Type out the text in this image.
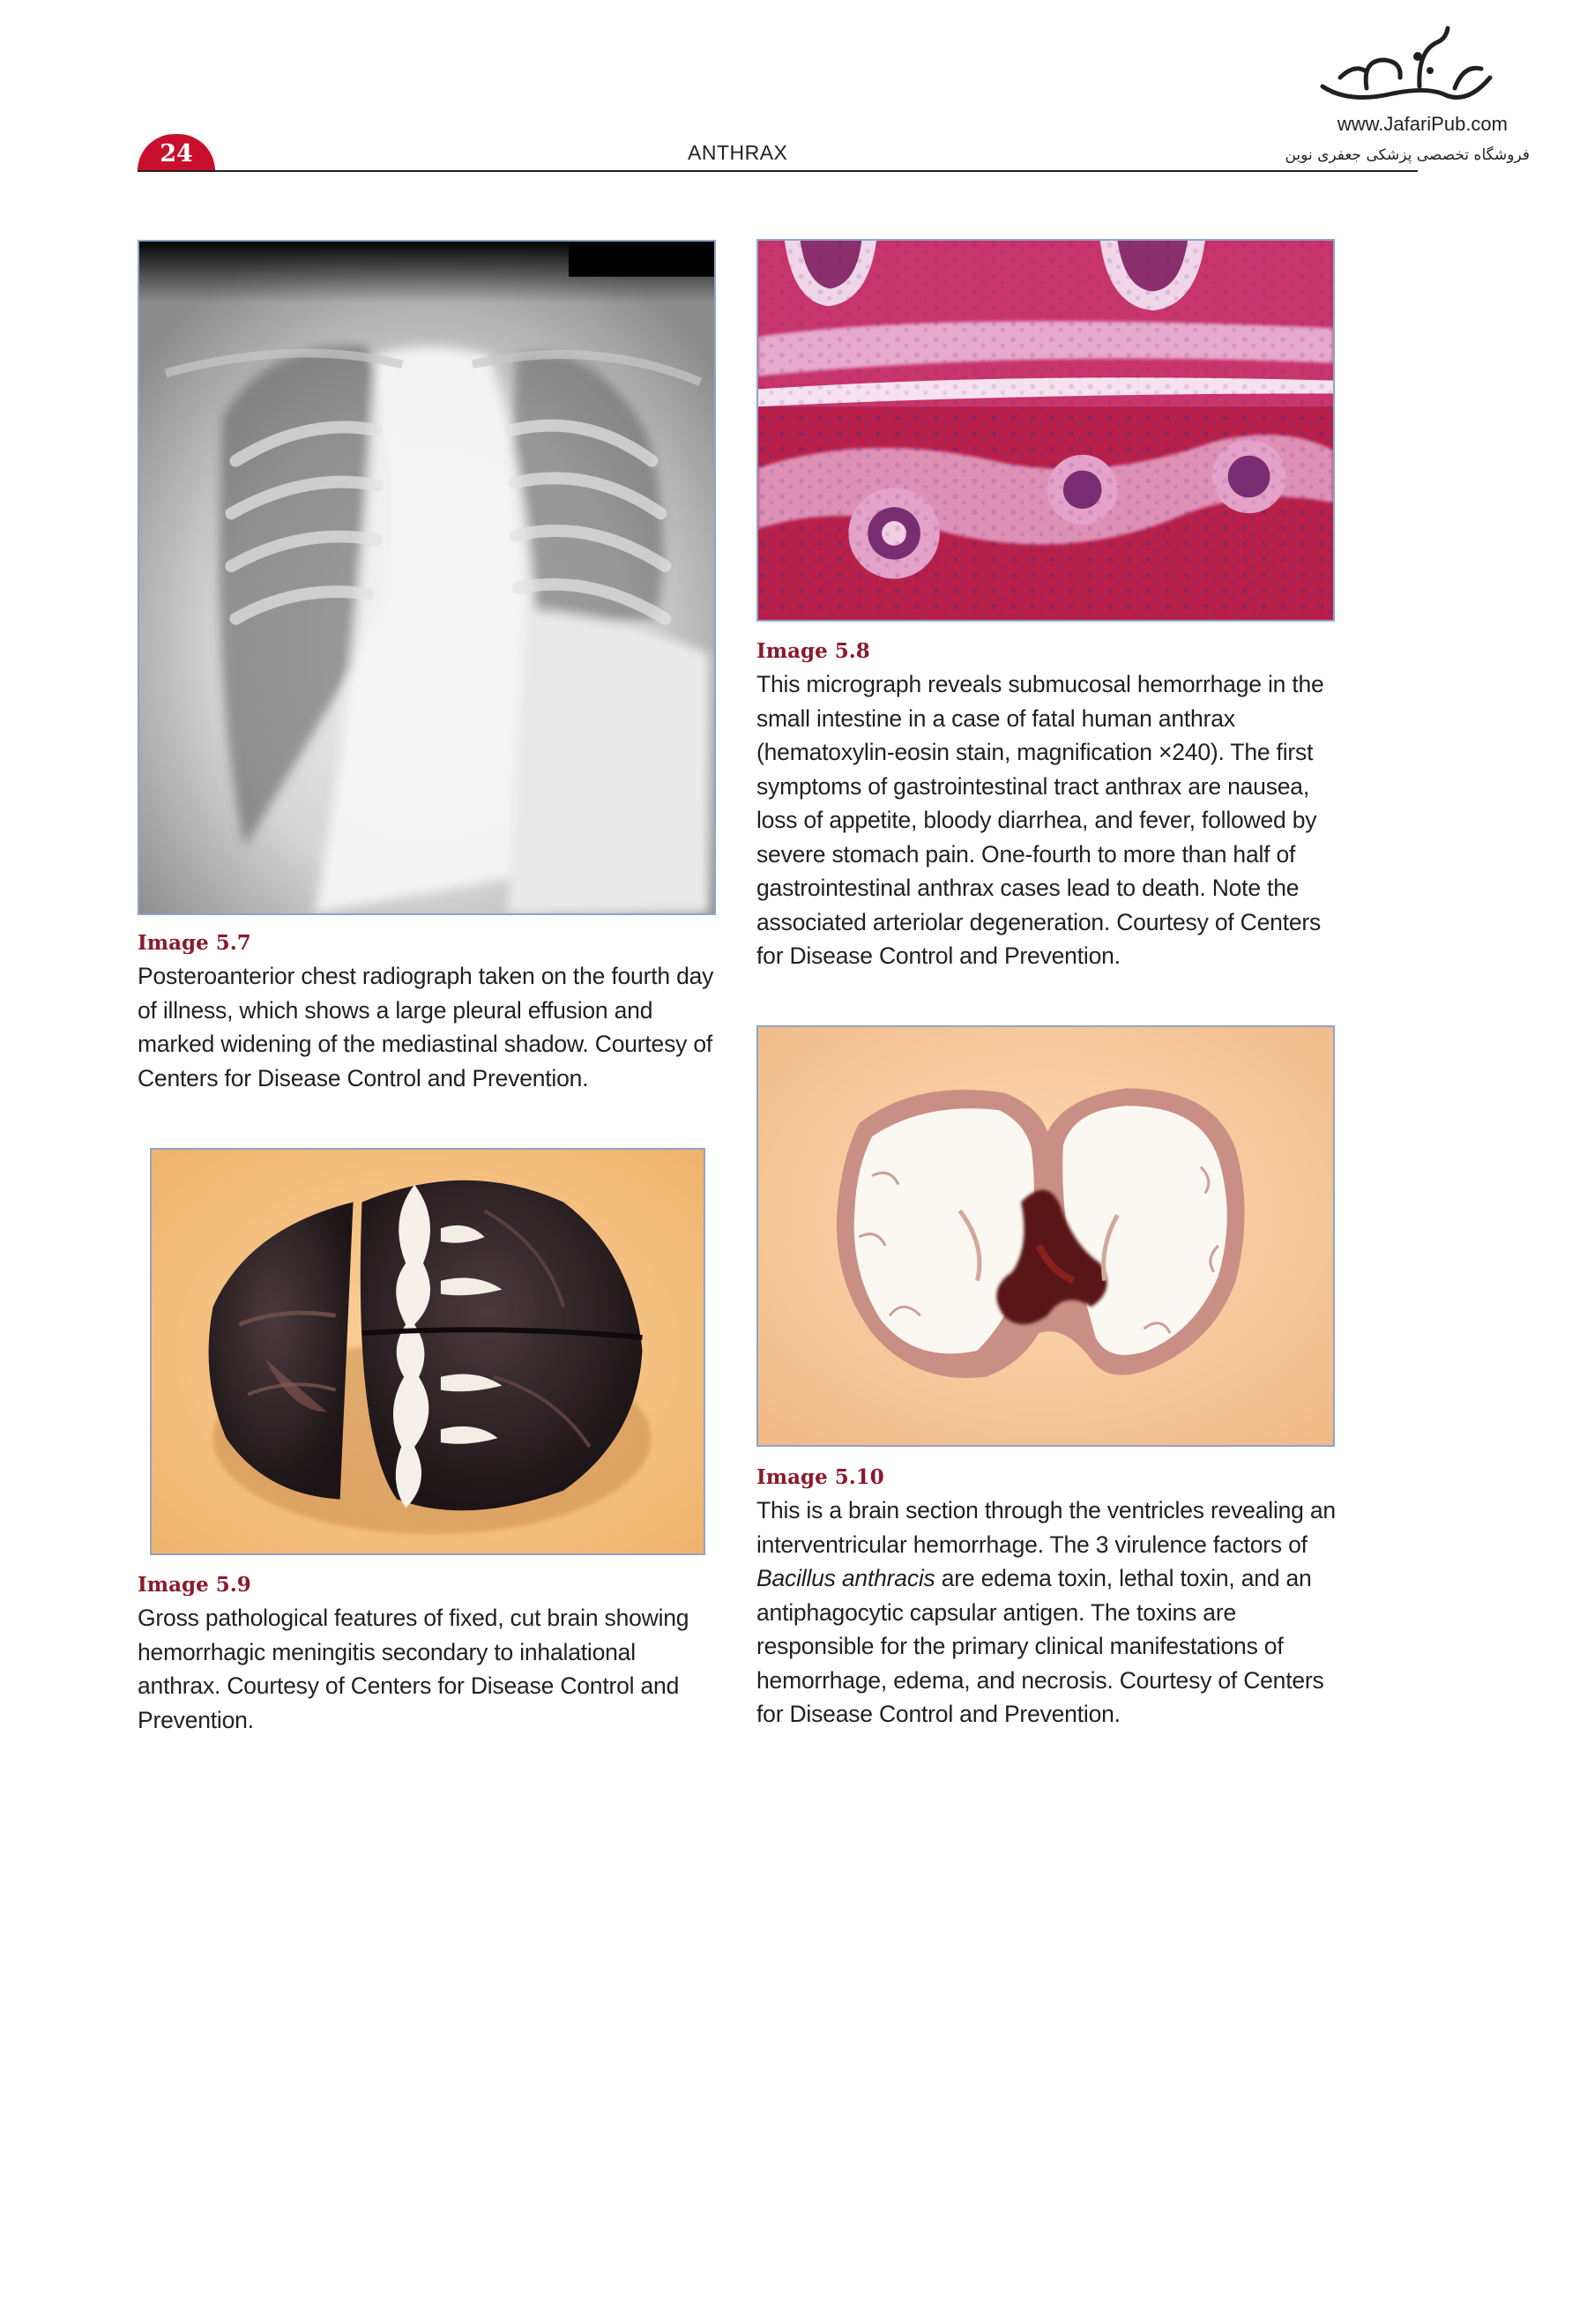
24	ANTHRAX
www.JafariPub.com
فروشگاه تخصصی پزشکی جعفری نوین
Image 5.7

Posteroanterior chest radiograph taken on the fourth day of illness, which shows a large pleural effusion and marked widening of the mediastinal shadow. Courtesy of Centers for Disease Control and Prevention.

Image 5.8

This micrograph reveals submucosal hemorrhage in the small intestine in a case of fatal human anthrax (hematoxylin-eosin stain, magnification ×240). The first symptoms of gastrointestinal tract anthrax are nausea, loss of appetite, bloody diarrhea, and fever, followed by severe stomach pain. One-fourth to more than half of gastrointestinal anthrax cases lead to death. Note the associated arteriolar degeneration. Courtesy of Centers for Disease Control and Prevention.

Image 5.9

Gross pathological features of fixed, cut brain showing hemorrhagic meningitis secondary to inhalational anthrax. Courtesy of Centers for Disease Control and Prevention.

Image 5.10

This is a brain section through the ventricles revealing an interventricular hemorrhage. The 3 virulence factors of Bacillus anthracis are edema toxin, lethal toxin, and an antiphagocytic capsular antigen. The toxins are responsible for the primary clinical manifestations of hemorrhage, edema, and necrosis. Courtesy of Centers for Disease Control and Prevention.
